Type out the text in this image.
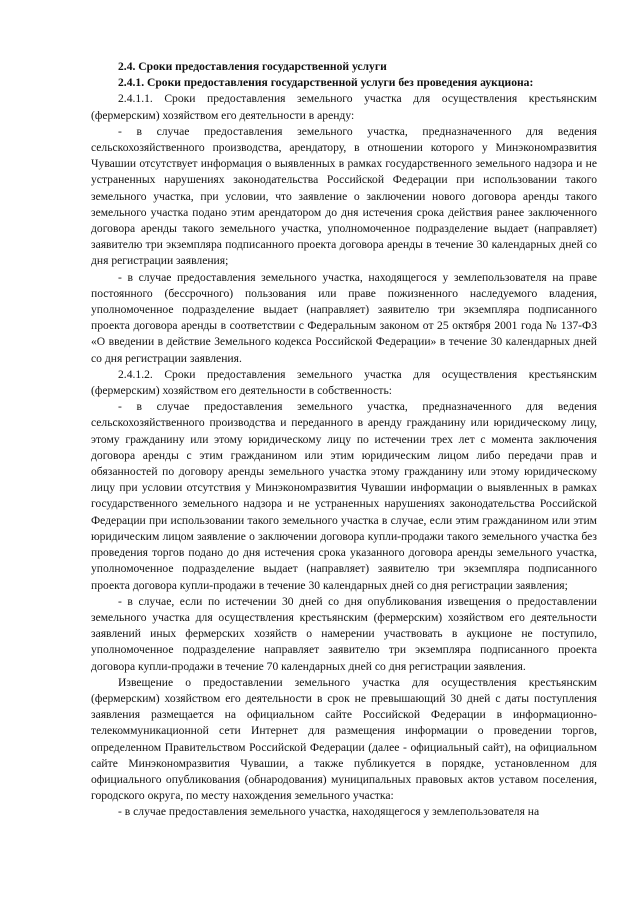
2.4. Сроки предоставления государственной услуги

2.4.1. Сроки предоставления государственной услуги без проведения аукциона:

2.4.1.1. Сроки предоставления земельного участка для осуществления крестьянским (фермерским) хозяйством его деятельности в аренду:

- в случае предоставления земельного участка, предназначенного для ведения сельскохозяйственного производства, арендатору, в отношении которого у Минэкономразвития Чувашии отсутствует информация о выявленных в рамках государственного земельного надзора и не устраненных нарушениях законодательства Российской Федерации при использовании такого земельного участка, при условии, что заявление о заключении нового договора аренды такого земельного участка подано этим арендатором до дня истечения срока действия ранее заключенного договора аренды такого земельного участка, уполномоченное подразделение выдает (направляет) заявителю три экземпляра подписанного проекта договора аренды в течение 30 календарных дней со дня регистрации заявления;

- в случае предоставления земельного участка, находящегося у землепользователя на праве постоянного (бессрочного) пользования или праве пожизненного наследуемого владения, уполномоченное подразделение выдает (направляет) заявителю три экземпляра подписанного проекта договора аренды в соответствии с Федеральным законом от 25 октября 2001 года № 137-ФЗ «О введении в действие Земельного кодекса Российской Федерации» в течение 30 календарных дней со дня регистрации заявления.

2.4.1.2. Сроки предоставления земельного участка для осуществления крестьянским (фермерским) хозяйством его деятельности в собственность:

- в случае предоставления земельного участка, предназначенного для ведения сельскохозяйственного производства и переданного в аренду гражданину или юридическому лицу, этому гражданину или этому юридическому лицу по истечении трех лет с момента заключения договора аренды с этим гражданином или этим юридическим лицом либо передачи прав и обязанностей по договору аренды земельного участка этому гражданину или этому юридическому лицу при условии отсутствия у Минэкономразвития Чувашии информации о выявленных в рамках государственного земельного надзора и не устраненных нарушениях законодательства Российской Федерации при использовании такого земельного участка в случае, если этим гражданином или этим юридическим лицом заявление о заключении договора купли-продажи такого земельного участка без проведения торгов подано до дня истечения срока указанного договора аренды земельного участка, уполномоченное подразделение выдает (направляет) заявителю три экземпляра подписанного проекта договора купли-продажи в течение 30 календарных дней со дня регистрации заявления;

- в случае, если по истечении 30 дней со дня опубликования извещения о предоставлении земельного участка для осуществления крестьянским (фермерским) хозяйством его деятельности заявлений иных фермерских хозяйств о намерении участвовать в аукционе не поступило, уполномоченное подразделение направляет заявителю три экземпляра подписанного проекта договора купли-продажи в течение 70 календарных дней со дня регистрации заявления.

Извещение о предоставлении земельного участка для осуществления крестьянским (фермерским) хозяйством его деятельности в срок не превышающий 30 дней с даты поступления заявления размещается на официальном сайте Российской Федерации в информационно-телекоммуникационной сети Интернет для размещения информации о проведении торгов, определенном Правительством Российской Федерации (далее - официальный сайт), на официальном сайте Минэкономразвития Чувашии, а также публикуется в порядке, установленном для официального опубликования (обнародования) муниципальных правовых актов уставом поселения, городского округа, по месту нахождения земельного участка:

- в случае предоставления земельного участка, находящегося у землепользователя на
